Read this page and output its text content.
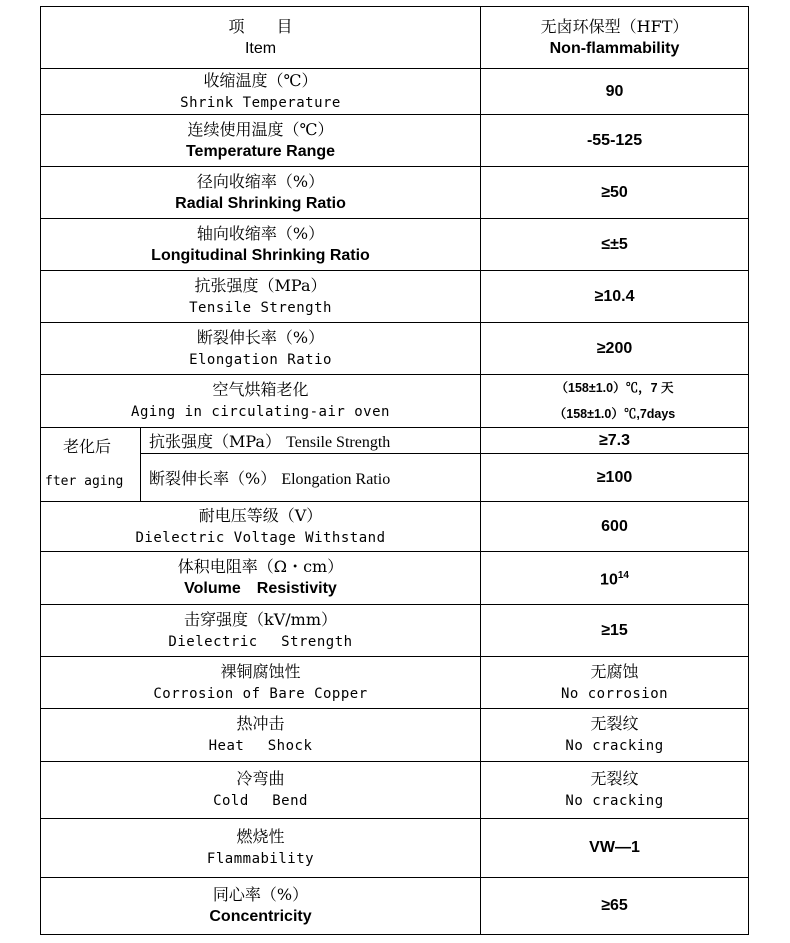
项　　目
Item		无卤环保型（HFT）
Non-flammability

收缩温度（℃）
Shrink Temperature		90

连续使用温度（℃）
Temperature Range		-55-125

径向收缩率（%）
Radial Shrinking Ratio		≥50

轴向收缩率（%）
Longitudinal Shrinking Ratio		≤±5

抗张强度（MPa）
Tensile Strength		≥10.4

断裂伸长率（%）
Elongation Ratio		≥200

空气烘箱老化
Aging in circulating-air oven		（158±1.0）℃，7 天
（158±1.0）℃,7days

老化后
fter aging	抗张强度（MPa） Tensile Strength	≥7.3

	断裂伸长率（%） Elongation Ratio	≥100

耐电压等级（V）
Dielectric Voltage Withstand		600

体积电阻率（Ω・cm）
Volume　Resistivity		$10^{14}$

击穿强度（kV/mm）
Dielectric　 Strength		≥15

裸铜腐蚀性
Corrosion of Bare Copper		无腐蚀
No corrosion

热冲击
Heat　 Shock		无裂纹
No cracking

冷弯曲
Cold　 Bend		无裂纹
No cracking

燃烧性
Flammability		VW—1

同心率（%）
Concentricity		≥65
